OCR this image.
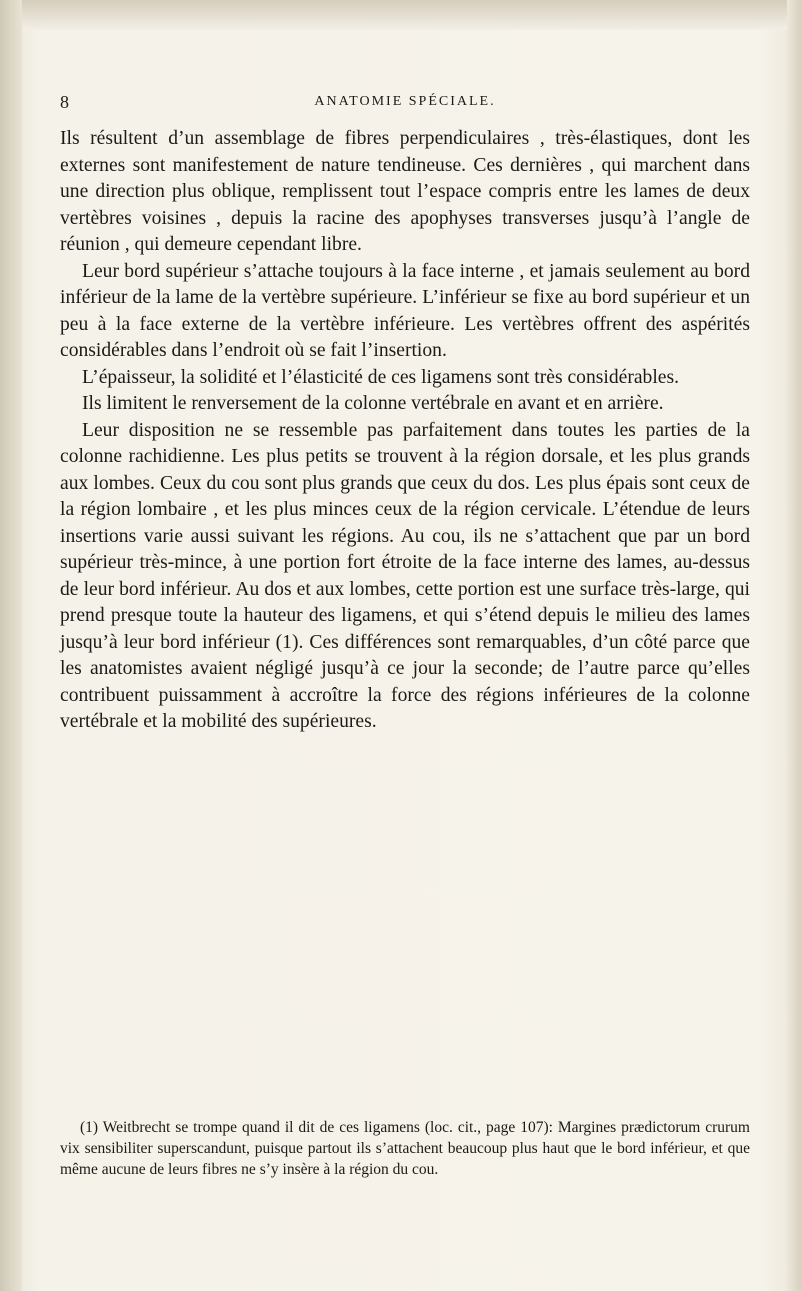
8	ANATOMIE SPÉCIALE.

Ils résultent d’un assemblage de fibres perpendiculaires , très-élastiques, dont les externes sont manifestement de nature tendineuse. Ces dernières , qui marchent dans une direction plus oblique, remplissent tout l’espace compris entre les lames de deux vertèbres voisines , depuis la racine des apophyses transverses jusqu’à l’angle de réunion , qui demeure cependant libre.

Leur bord supérieur s’attache toujours à la face interne , et jamais seulement au bord inférieur de la lame de la vertèbre supérieure. L’inférieur se fixe au bord supérieur et un peu à la face externe de la vertèbre inférieure. Les vertèbres offrent des aspérités considérables dans l’endroit où se fait l’insertion.

L’épaisseur, la solidité et l’élasticité de ces ligamens sont très considérables.

Ils limitent le renversement de la colonne vertébrale en avant et en arrière.

Leur disposition ne se ressemble pas parfaitement dans toutes les parties de la colonne rachidienne. Les plus petits se trouvent à la région dorsale, et les plus grands aux lombes. Ceux du cou sont plus grands que ceux du dos. Les plus épais sont ceux de la région lombaire , et les plus minces ceux de la région cervicale. L’étendue de leurs insertions varie aussi suivant les régions. Au cou, ils ne s’attachent que par un bord supérieur très-mince, à une portion fort étroite de la face interne des lames, au-dessus de leur bord inférieur. Au dos et aux lombes, cette portion est une surface très-large, qui prend presque toute la hauteur des ligamens, et qui s’étend depuis le milieu des lames jusqu’à leur bord inférieur (1). Ces différences sont remarquables, d’un côté parce que les anatomistes avaient négligé jusqu’à ce jour la seconde; de l’autre parce qu’elles contribuent puissamment à accroître la force des régions inférieures de la colonne vertébrale et la mobilité des supérieures.

(1) Weitbrecht se trompe quand il dit de ces ligamens (loc. cit., page 107): Margines prædictorum crurum vix sensibiliter superscandunt, puisque partout ils s’attachent beaucoup plus haut que le bord inférieur, et que même aucune de leurs fibres ne s’y insère à la région du cou.
